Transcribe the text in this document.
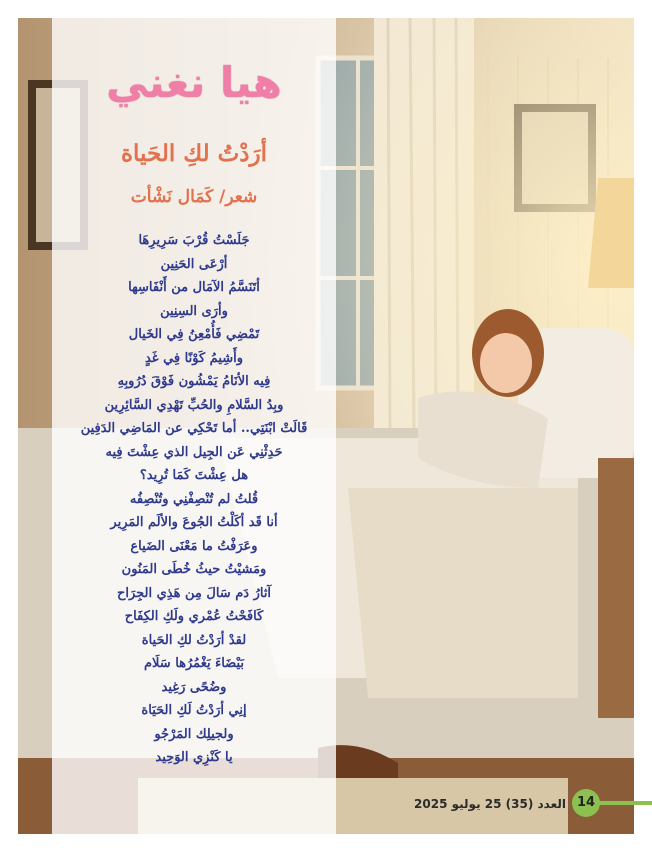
هيا نغني
أرَدْتُ لكِ الحَياة
شعر/ كَمَال نَشْأت
جَلَسْتُ قُرْبَ سَرِيرِهَا
أرْعَى الحَنِين
أتَنَسَّمُ الآمَال من أَنْفَاسِها
وأرَى السِنِين
تَمْضِي فَأُمْعِنُ فِي الخَيال
وأَشِيمُ كَوْنًا فِي غَدٍ
فِيه الأنَامُ يَمْشُون فَوْقَ دُرُوبِهِ
وبِدُ السَّلامِ والحُبِّ تَهْدِي السَّائِرِين
قَالَتْ ابْنَتِي.. أما تَحْكِي عن المَاضِي الدَفِين
حَدِثْنِي عَن الجِيل الذي عِشْتَ فِيه
هل عِشْتَ كَمَا تُرِيد؟
قُلتُ لم تُنْصِفْنِي وتُنْصِفُه
أنا قَد أكَلْتُ الجُوعَ والألَم المَرِير
وعَرَفْتُ ما مَعْنَى الضَياع
ومَشيْتُ حيثُ خُطَى المَنُون
آثارُ دَم سَالَ مِن هَذِي الجِرَاح
كَافَحْتُ عُمْري ولَكِ الكِفَاح
لقدْ أرَدْتُ لكِ الحَياة
بَيْضَاءَ يَغْمُرُها سَلَام
وضُحًى رَغِيد
إنِي أرَدْتُ لَكِ الحَيَاة
ولجيلِك المَرْجُو
يا كَنْزِي الوَحِيد
14
العدد (35) 25 يوليو 2025
